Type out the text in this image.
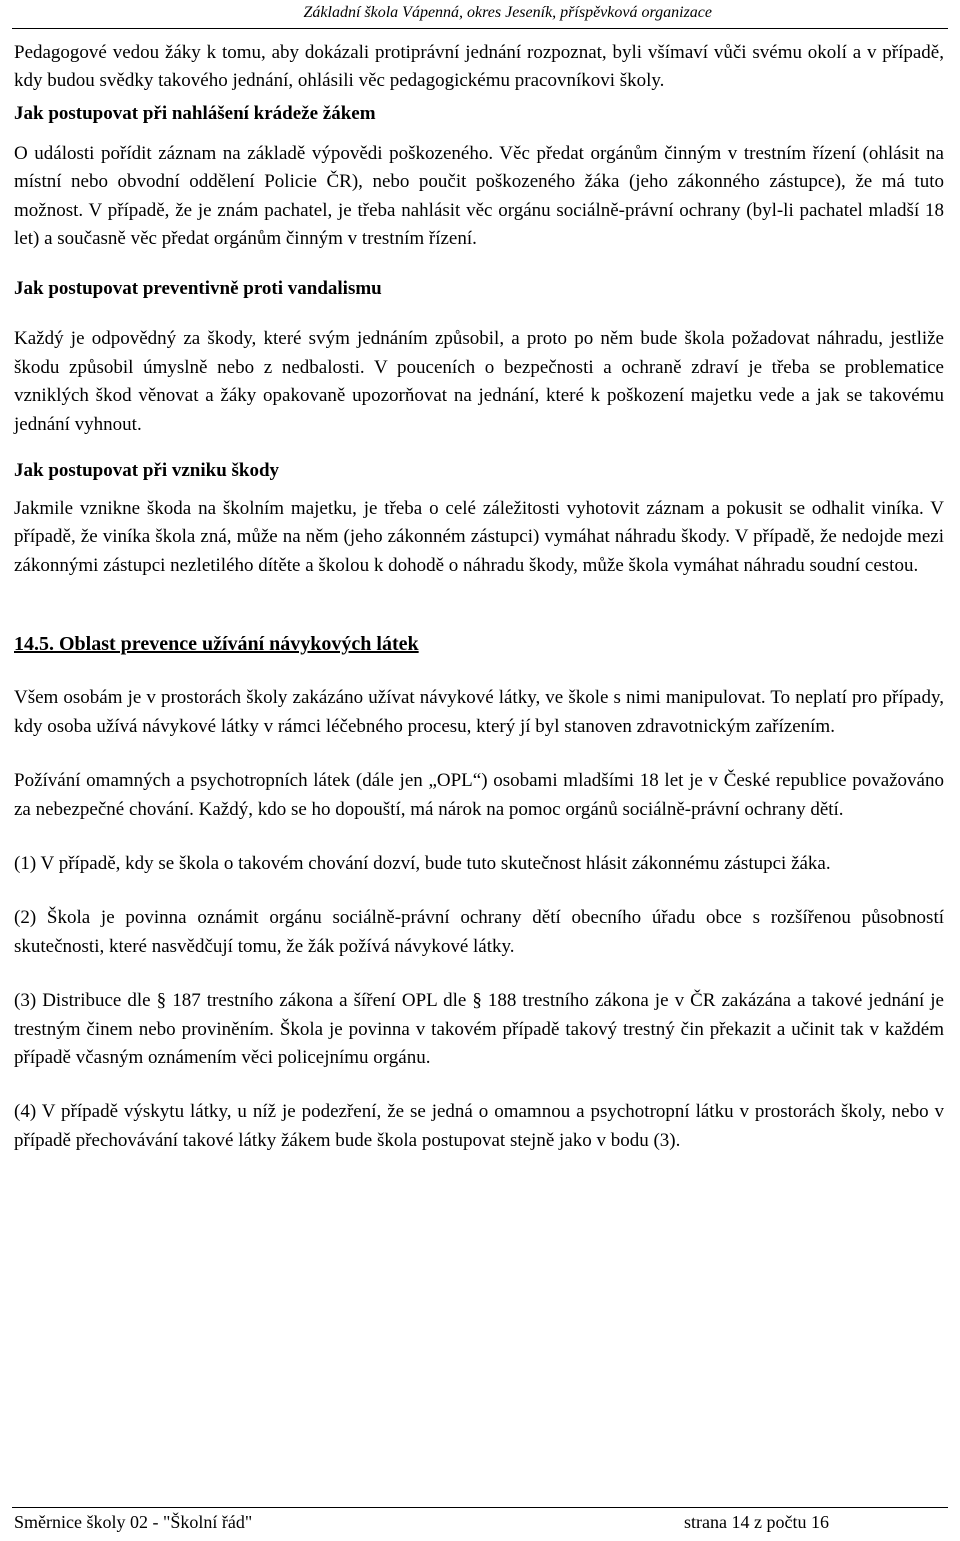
Základní škola Vápenná, okres Jeseník, příspěvková organizace

Pedagogové vedou žáky k tomu, aby dokázali protiprávní jednání rozpoznat, byli všímaví vůči svému okolí a v případě, kdy budou svědky takového jednání, ohlásili věc pedagogickému pracovníkovi školy.

Jak postupovat při nahlášení krádeže žákem

O události pořídit záznam na základě výpovědi poškozeného. Věc předat orgánům činným v trestním řízení (ohlásit na místní nebo obvodní oddělení Policie ČR), nebo poučit poškozeného žáka (jeho zákonného zástupce), že má tuto možnost. V případě, že je znám pachatel, je třeba nahlásit věc orgánu sociálně-právní ochrany (byl-li pachatel mladší 18 let) a současně věc předat orgánům činným v trestním řízení.

Jak postupovat preventivně proti vandalismu

Každý je odpovědný za škody, které svým jednáním způsobil, a proto po něm bude škola požadovat náhradu, jestliže škodu způsobil úmyslně nebo z nedbalosti. V pouceních o bezpečnosti a ochraně zdraví je třeba se problematice vzniklých škod věnovat a žáky opakovaně upozorňovat na jednání, které k poškození majetku vede a jak se takovému jednání vyhnout.

Jak postupovat při vzniku škody

Jakmile vznikne škoda na školním majetku, je třeba o celé záležitosti vyhotovit záznam a pokusit se odhalit viníka. V případě, že viníka škola zná, může na něm (jeho zákonném zástupci) vymáhat náhradu škody. V případě, že nedojde mezi zákonnými zástupci nezletilého dítěte a školou k dohodě o náhradu škody, může škola vymáhat náhradu soudní cestou.

14.5. Oblast prevence užívání návykových látek

Všem osobám je v prostorách školy zakázáno užívat návykové látky, ve škole s nimi manipulovat. To neplatí pro případy, kdy osoba užívá návykové látky v rámci léčebného procesu, který jí byl stanoven zdravotnickým zařízením.

Požívání omamných a psychotropních látek (dále jen „OPL“) osobami mladšími 18 let je v České republice považováno za nebezpečné chování. Každý, kdo se ho dopouští, má nárok na pomoc orgánů sociálně-právní ochrany dětí.

(1) V případě, kdy se škola o takovém chování dozví, bude tuto skutečnost hlásit zákonnému zástupci žáka.

(2) Škola je povinna oznámit orgánu sociálně-právní ochrany dětí obecního úřadu obce s rozšířenou působností skutečnosti, které nasvědčují tomu, že žák požívá návykové látky.

(3) Distribuce dle § 187 trestního zákona a šíření OPL dle § 188 trestního zákona je v ČR zakázána a takové jednání je trestným činem nebo proviněním. Škola je povinna v takovém případě takový trestný čin překazit a učinit tak v každém případě včasným oznámením věci policejnímu orgánu.

(4) V případě výskytu látky, u níž je podezření, že se jedná o omamnou a psychotropní látku v prostorách školy, nebo v případě přechovávání takové látky žákem bude škola postupovat stejně jako v bodu (3).

Směrnice školy 02 - "Školní řád"	strana 14 z počtu 16
